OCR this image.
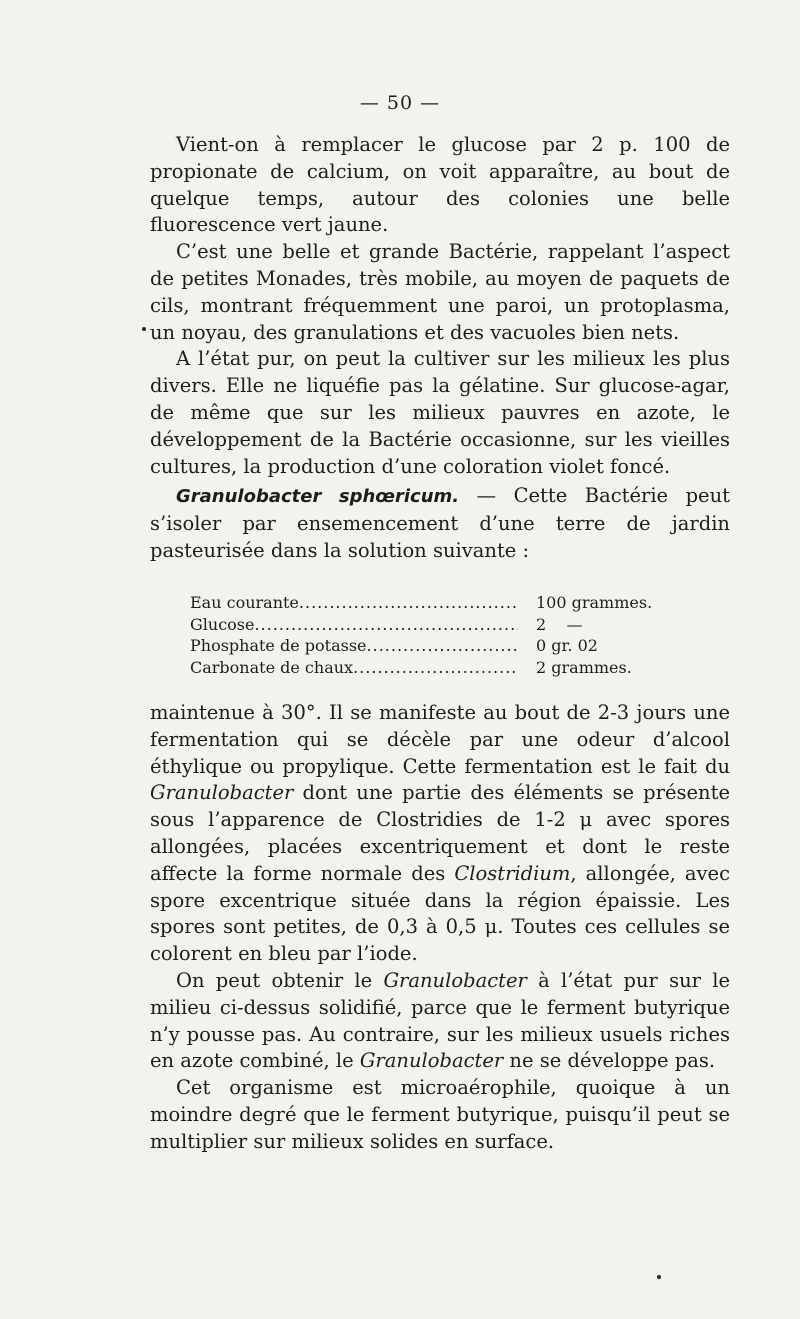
— 50 —

Vient-on à remplacer le glucose par 2 p. 100 de propionate de calcium, on voit apparaître, au bout de quelque temps, autour des colonies une belle fluorescence vert jaune.

C’est une belle et grande Bactérie, rappelant l’aspect de petites Monades, très mobile, au moyen de paquets de cils, montrant fréquemment une paroi, un protoplasma, un noyau, des granulations et des vacuoles bien nets.

A l’état pur, on peut la cultiver sur les milieux les plus divers. Elle ne liquéfie pas la gélatine. Sur glucose-agar, de même que sur les milieux pauvres en azote, le développement de la Bactérie occasionne, sur les vieilles cultures, la production d’une coloration violet foncé.

Granulobacter sphœricum. — Cette Bactérie peut s’isoler par ensemencement d’une terre de jardin pasteurisée dans la solution suivante :

Eau courante .....	100 grammes.
Glucose .....	2    —
Phosphate de potasse .....	0 gr. 02
Carbonate de chaux .....	2 grammes.

maintenue à 30°. Il se manifeste au bout de 2-3 jours une fermentation qui se décèle par une odeur d’alcool éthylique ou propylique. Cette fermentation est le fait du Granulobacter dont une partie des éléments se présente sous l’apparence de Clostridies de 1-2 μ avec spores allongées, placées excentriquement et dont le reste affecte la forme normale des Clostridium, allongée, avec spore excentrique située dans la région épaissie. Les spores sont petites, de 0,3 à 0,5 μ. Toutes ces cellules se colorent en bleu par l’iode.

On peut obtenir le Granulobacter à l’état pur sur le milieu ci-dessus solidifié, parce que le ferment butyrique n’y pousse pas. Au contraire, sur les milieux usuels riches en azote combiné, le Granulobacter ne se développe pas.

Cet organisme est microaérophile, quoique à un moindre degré que le ferment butyrique, puisqu’il peut se multiplier sur milieux solides en surface.
